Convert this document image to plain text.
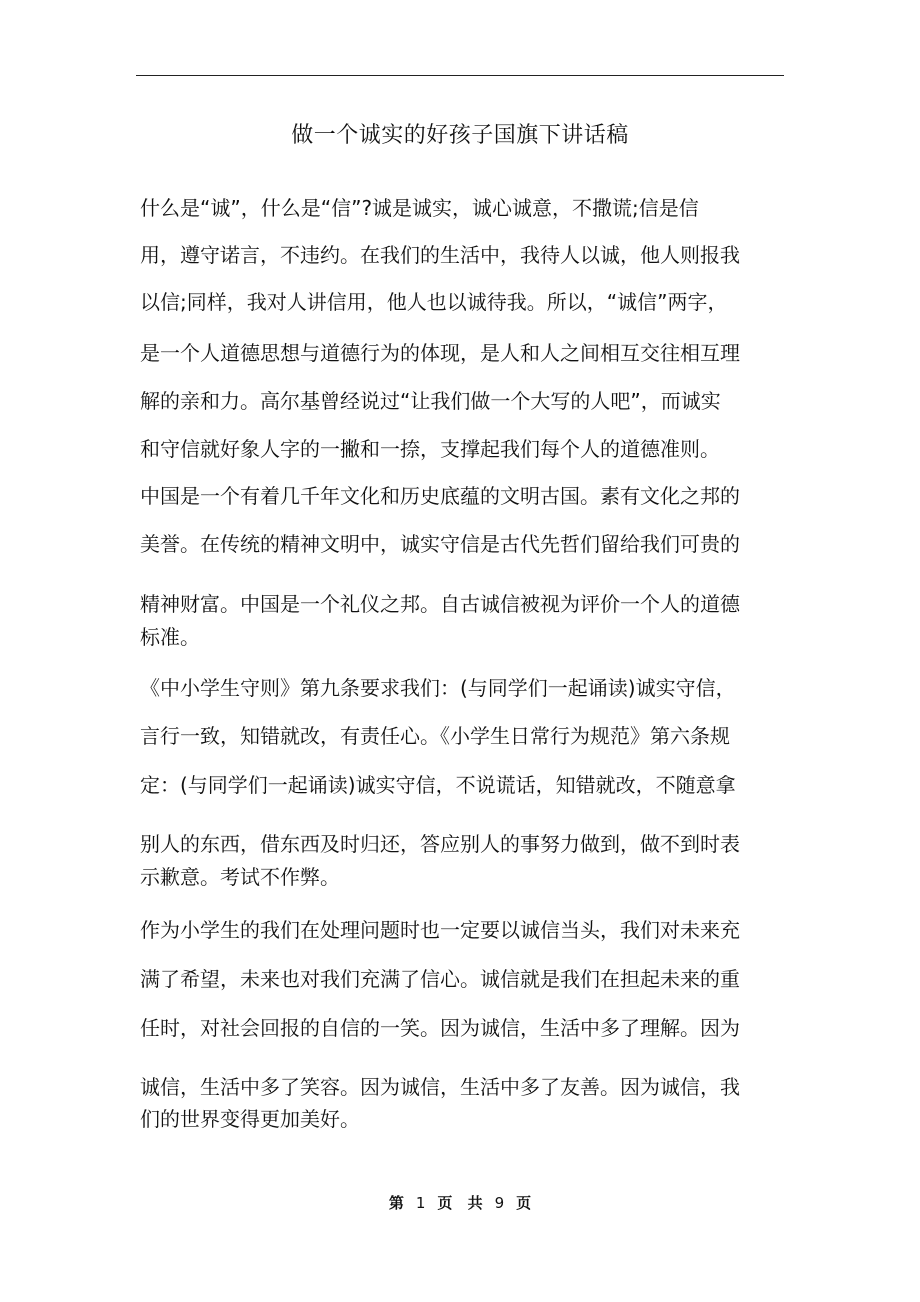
做一个诚实的好孩子国旗下讲话稿
什么是“诚”，什么是“信”?诚是诚实，诚心诚意，不撒谎;信是信
用，遵守诺言，不违约。在我们的生活中，我待人以诚，他人则报我
以信;同样，我对人讲信用，他人也以诚待我。所以，“诚信”两字，
是一个人道德思想与道德行为的体现，是人和人之间相互交往相互理
解的亲和力。高尔基曾经说过“让我们做一个大写的人吧”，而诚实
和守信就好象人字的一撇和一捺，支撑起我们每个人的道德准则。
中国是一个有着几千年文化和历史底蕴的文明古国。素有文化之邦的
美誉。在传统的精神文明中，诚实守信是古代先哲们留给我们可贵的
精神财富。中国是一个礼仪之邦。自古诚信被视为评价一个人的道德
标准。
《中小学生守则》第九条要求我们：(与同学们一起诵读)诚实守信，
言行一致，知错就改，有责任心。《小学生日常行为规范》第六条规
定：(与同学们一起诵读)诚实守信，不说谎话，知错就改，不随意拿
别人的东西，借东西及时归还，答应别人的事努力做到，做不到时表
示歉意。考试不作弊。
作为小学生的我们在处理问题时也一定要以诚信当头，我们对未来充
满了希望，未来也对我们充满了信心。诚信就是我们在担起未来的重
任时，对社会回报的自信的一笑。因为诚信，生活中多了理解。因为
诚信，生活中多了笑容。因为诚信，生活中多了友善。因为诚信，我
们的世界变得更加美好。
第 1 页 共 9 页
